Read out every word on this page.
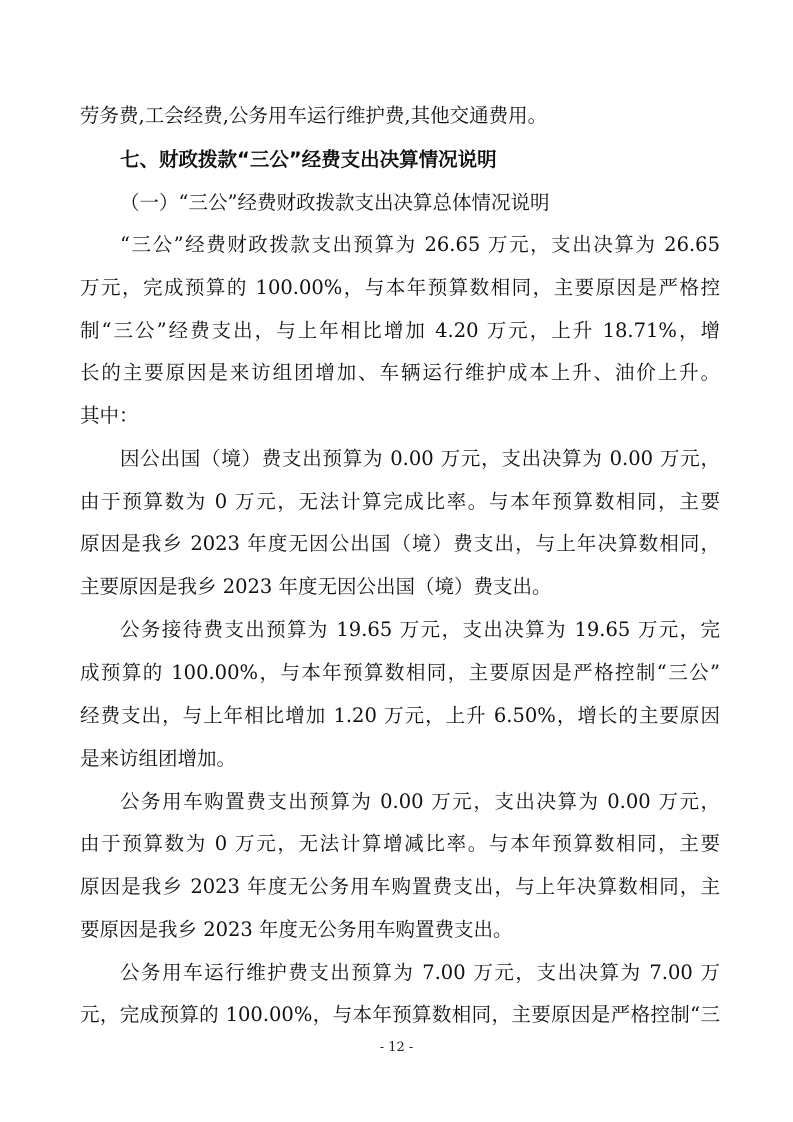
劳务费,工会经费,公务用车运行维护费,其他交通费用。
七、财政拨款“三公”经费支出决算情况说明
（一）“三公”经费财政拨款支出决算总体情况说明
“三公”经费财政拨款支出预算为 26.65 万元，支出决算为 26.65
万元，完成预算的 100.00%，与本年预算数相同，主要原因是严格控
制“三公”经费支出，与上年相比增加 4.20 万元，上升 18.71%，增
长的主要原因是来访组团增加、车辆运行维护成本上升、油价上升。
其中：
因公出国（境）费支出预算为 0.00 万元，支出决算为 0.00 万元，
由于预算数为 0 万元，无法计算完成比率。与本年预算数相同，主要
原因是我乡 2023 年度无因公出国（境）费支出，与上年决算数相同，
主要原因是我乡 2023 年度无因公出国（境）费支出。
公务接待费支出预算为 19.65 万元，支出决算为 19.65 万元，完
成预算的 100.00%，与本年预算数相同，主要原因是严格控制“三公”
经费支出，与上年相比增加 1.20 万元，上升 6.50%，增长的主要原因
是来访组团增加。
公务用车购置费支出预算为 0.00 万元，支出决算为 0.00 万元，
由于预算数为 0 万元，无法计算增减比率。与本年预算数相同，主要
原因是我乡 2023 年度无公务用车购置费支出，与上年决算数相同，主
要原因是我乡 2023 年度无公务用车购置费支出。
公务用车运行维护费支出预算为 7.00 万元，支出决算为 7.00 万
元，完成预算的 100.00%，与本年预算数相同，主要原因是严格控制“三
- 12 -
